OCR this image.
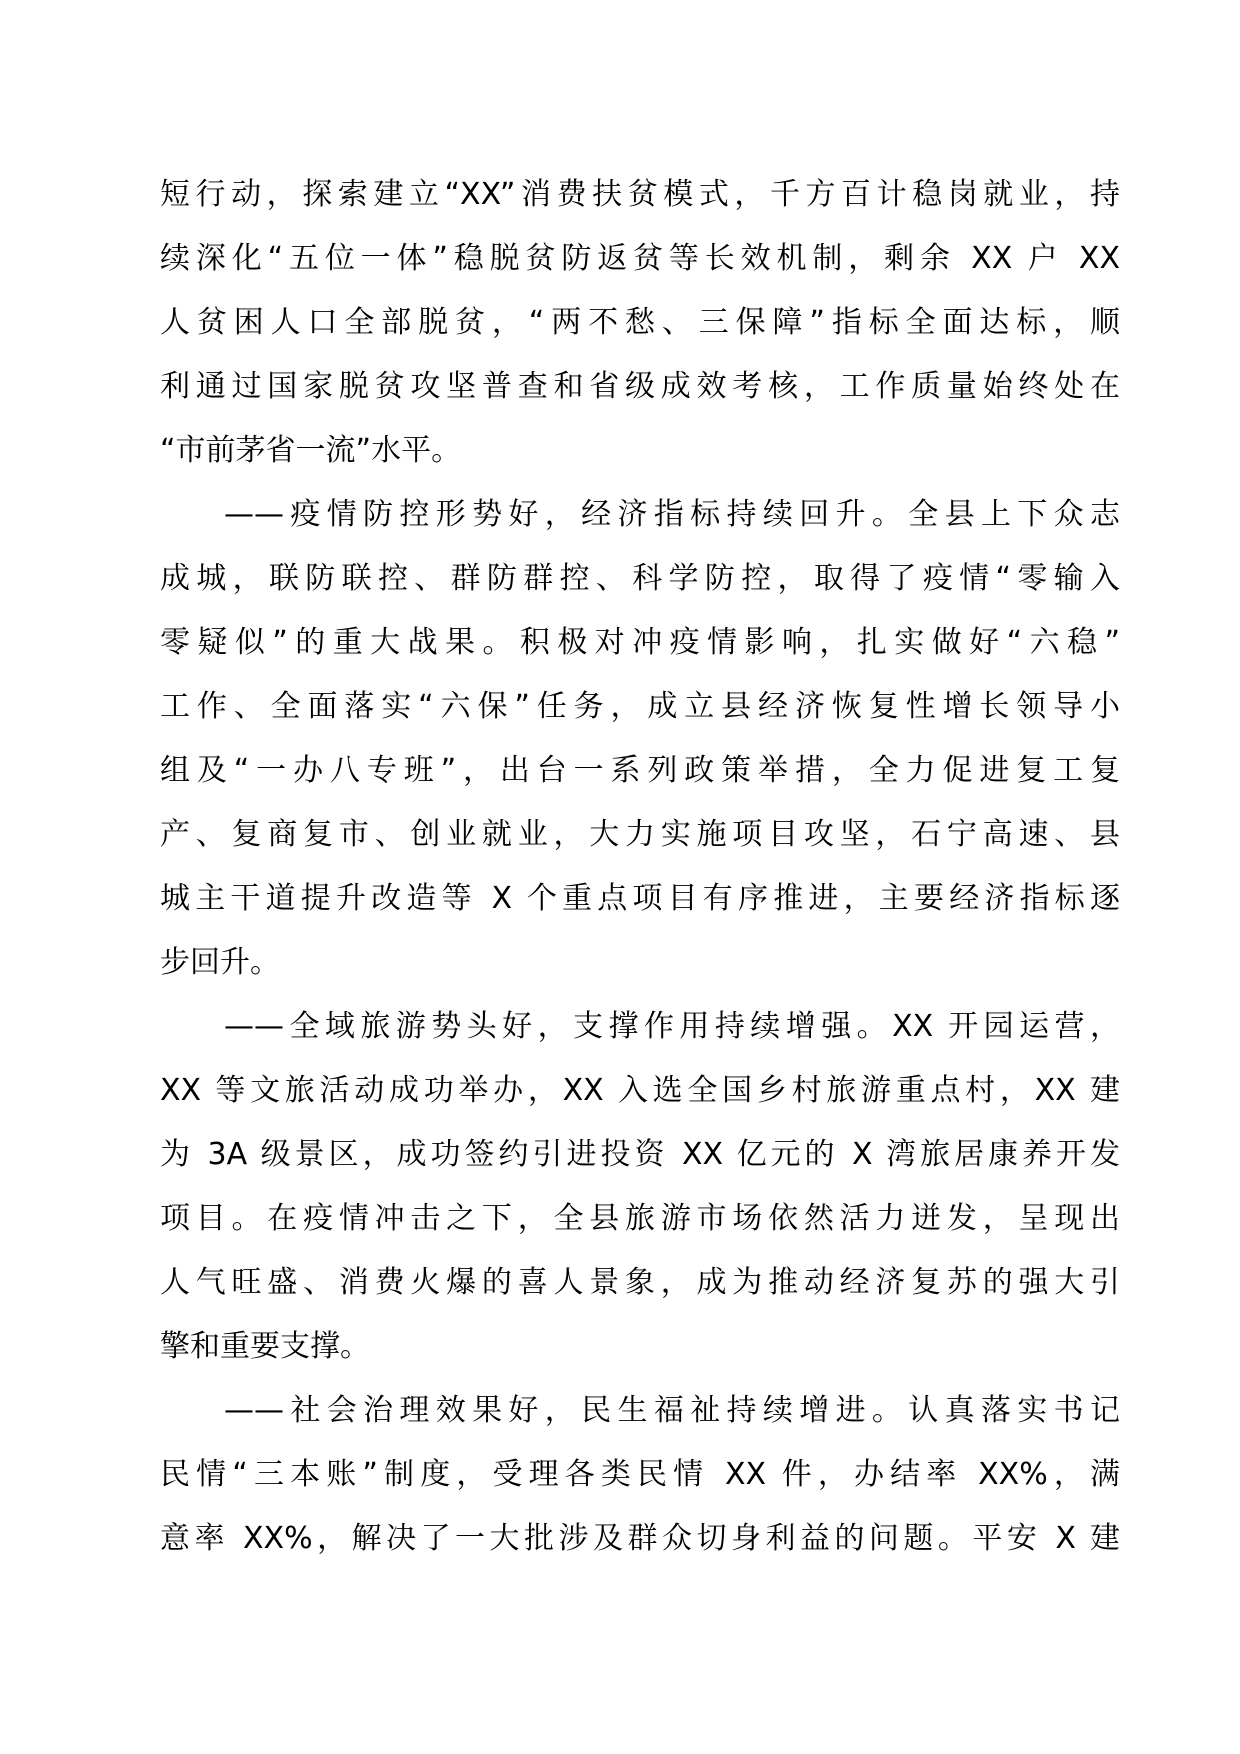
短行动，探索建立“XX”消费扶贫模式，千方百计稳岗就业，持
续深化“五位一体”稳脱贫防返贫等长效机制，剩余 XX 户 XX
人贫困人口全部脱贫，“两不愁、三保障”指标全面达标，顺
利通过国家脱贫攻坚普查和省级成效考核，工作质量始终处在
“市前茅省一流”水平。
——疫情防控形势好，经济指标持续回升。全县上下众志
成城，联防联控、群防群控、科学防控，取得了疫情“零输入
零疑似”的重大战果。积极对冲疫情影响，扎实做好“六稳”
工作、全面落实“六保”任务，成立县经济恢复性增长领导小
组及“一办八专班”，出台一系列政策举措，全力促进复工复
产、复商复市、创业就业，大力实施项目攻坚，石宁高速、县
城主干道提升改造等 X 个重点项目有序推进，主要经济指标逐
步回升。
——全域旅游势头好，支撑作用持续增强。XX 开园运营，
XX 等文旅活动成功举办，XX 入选全国乡村旅游重点村，XX 建
为 3A 级景区，成功签约引进投资 XX 亿元的 X 湾旅居康养开发
项目。在疫情冲击之下，全县旅游市场依然活力迸发，呈现出
人气旺盛、消费火爆的喜人景象，成为推动经济复苏的强大引
擎和重要支撑。
——社会治理效果好，民生福祉持续增进。认真落实书记
民情“三本账”制度，受理各类民情 XX 件，办结率 XX%，满
意率 XX%，解决了一大批涉及群众切身利益的问题。平安 X 建
